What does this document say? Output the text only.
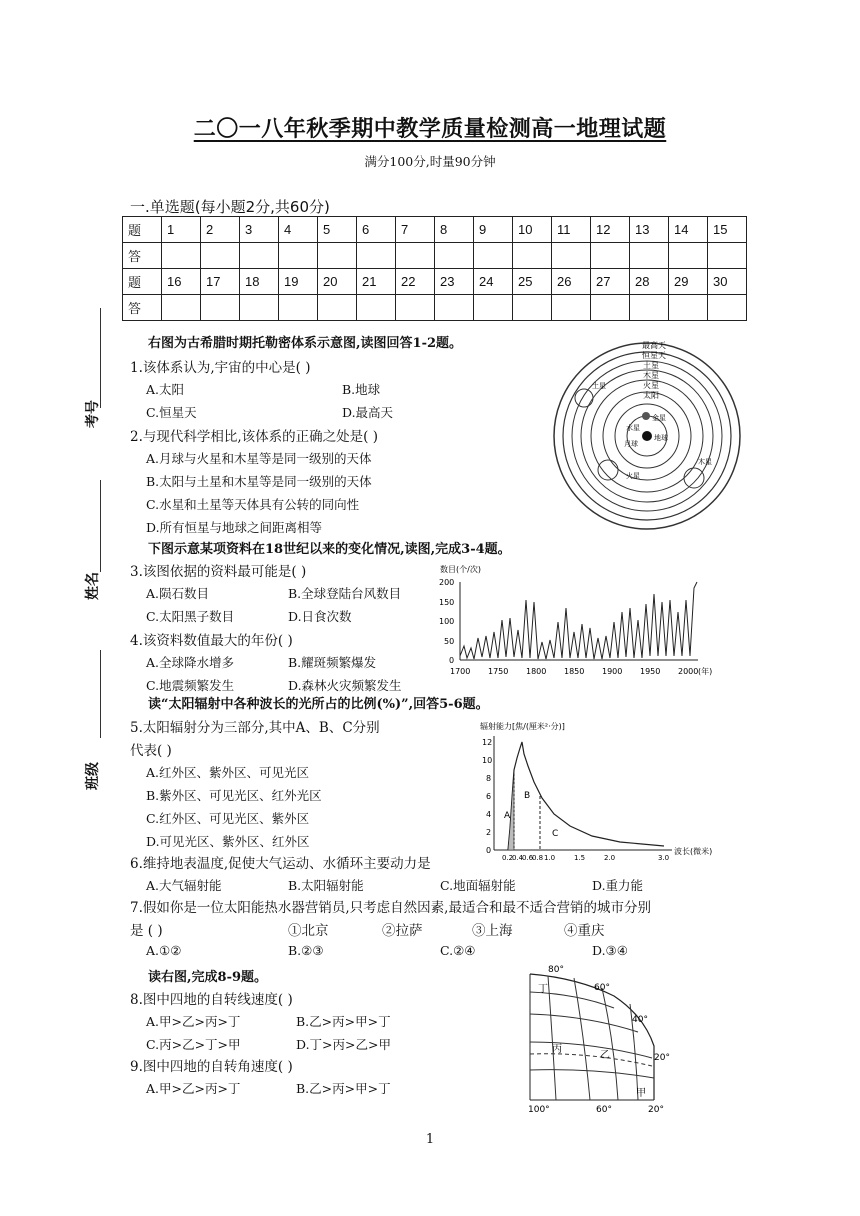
二〇一八年秋季期中教学质量检测高一地理试题
满分100分,时量90分钟
一.单选题(每小题2分,共60分)
题	1	2	3	4	5	6	7	8	9	10	11	12	13	14	15
答															
题	16	17	18	19	20	21	22	23	24	25	26	27	28	29	30
答															
考号
姓名
班级
右图为古希腊时期托勒密体系示意图,读图回答1-2题。
1.该体系认为,宇宙的中心是( )
A.太阳	B.地球
C.恒星天	D.最高天
2.与现代科学相比,该体系的正确之处是( )
A.月球与火星和木星等是同一级别的天体
B.太阳与土星和木星等是同一级别的天体
C.水星和土星等天体具有公转的同向性
D.所有恒星与地球之间距离相等
最高天
恒星天
土星
木星
火星
太阳
金星
水星
月球
地球
土星
木星
火星
下图示意某项资料在18世纪以来的变化情况,读图,完成3-4题。
3.该图依据的资料最可能是( )
A.陨石数目	B.全球登陆台风数目
C.太阳黑子数目	D.日食次数
4.该资料数值最大的年份( )
A.全球降水增多	B.耀斑频繁爆发
C.地震频繁发生	D.森林火灾频繁发生
数目(个/次)
200
150
100
50
0
1700 1750 1800 1850 1900 1950 2000 (年)
读“太阳辐射中各种波长的光所占的比例(%)”,回答5-6题。
5.太阳辐射分为三部分,其中A、B、C分别
代表( )
A.红外区、紫外区、可见光区
B.紫外区、可见光区、红外光区
C.红外区、可见光区、紫外区
D.可见光区、紫外区、红外区
6.维持地表温度,促使大气运动、水循环主要动力是
A.大气辐射能	B.太阳辐射能	C.地面辐射能	D.重力能
辐射能力[焦/(厘米²·分)]
12
10
8
6
4
2
0
A
B
C
0.2
0.4
0.6
0.8 1.0	1.5	2.0	3.0
波长(微米)
7.假如你是一位太阳能热水器营销员,只考虑自然因素,最适合和最不适合营销的城市分别
是 ( )	①北京	②拉萨	③上海	④重庆
A.①②	B.②③	C.②④	D.③④
读右图,完成8-9题。
8.图中四地的自转线速度( )
A.甲>乙>丙>丁	B.乙>丙>甲>丁
C.丙>乙>丁>甲	D.丁>丙>乙>甲
9.图中四地的自转角速度( )
A.甲>乙>丙>丁	B.乙>丙>甲>丁
80°
60°
40°
20°
100°	60°	20°
丁
丙
乙
甲
1
